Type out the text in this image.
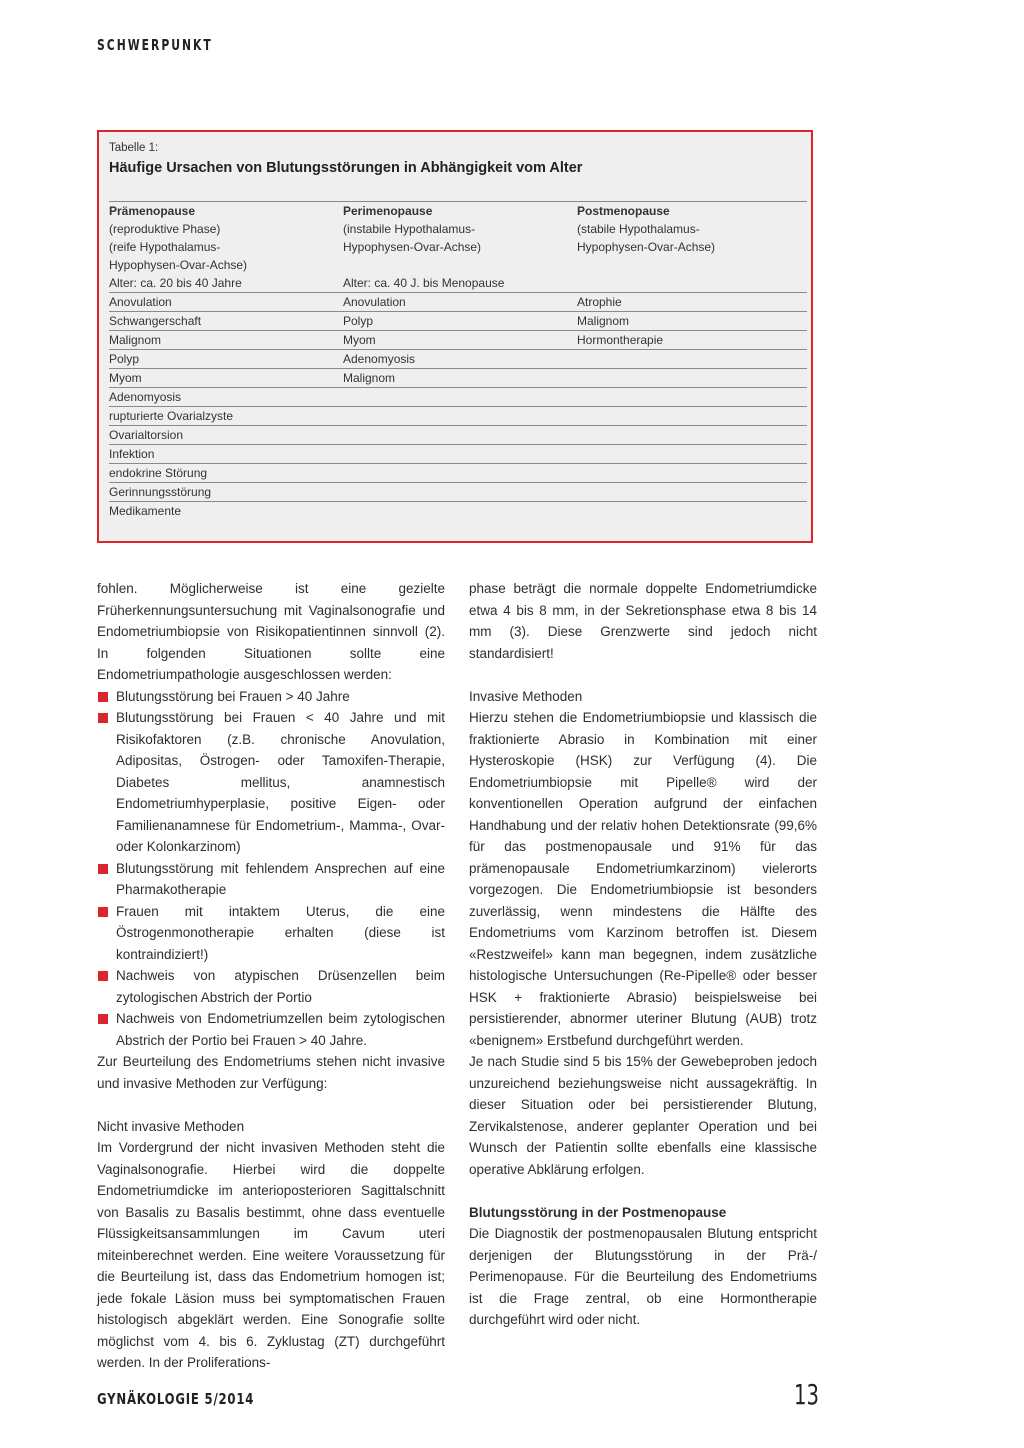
SCHWERPUNKT
Tabelle 1:
Häufige Ursachen von Blutungsstörungen in Abhängigkeit vom Alter
Prämenopause	Perimenopause	Postmenopause
(reproduktive Phase)	(instabile Hypothalamus-	(stabile Hypothalamus-
(reife Hypothalamus-	Hypophysen-Ovar-Achse)	Hypophysen-Ovar-Achse)
Hypophysen-Ovar-Achse)
Alter: ca. 20 bis 40 Jahre	Alter: ca. 40 J. bis Menopause
Anovulation	Anovulation	Atrophie
Schwangerschaft	Polyp	Malignom
Malignom	Myom	Hormontherapie
Polyp	Adenomyosis
Myom	Malignom
Adenomyosis
rupturierte Ovarialzyste
Ovarialtorsion
Infektion
endokrine Störung
Gerinnungsstörung
Medikamente

fohlen. Möglicherweise ist eine gezielte Früherkennungsuntersuchung mit Vaginalsonografie und Endometriumbiopsie von Risikopatientinnen sinnvoll (2). In folgenden Situationen sollte eine Endometriumpathologie ausgeschlossen werden:

Blutungsstörung bei Frauen > 40 Jahre
Blutungsstörung bei Frauen < 40 Jahre und mit Risikofaktoren (z.B. chronische Anovulation, Adipositas, Östrogen- oder Tamoxifen-Therapie, Diabetes mellitus, anamnestisch Endometriumhyperplasie, positive Eigen- oder Familienanamnese für Endometrium-, Mamma-, Ovar- oder Kolonkarzinom)
Blutungsstörung mit fehlendem Ansprechen auf eine Pharmakotherapie
Frauen mit intaktem Uterus, die eine Östrogenmonotherapie erhalten (diese ist kontraindiziert!)
Nachweis von atypischen Drüsenzellen beim zytologischen Abstrich der Portio
Nachweis von Endometriumzellen beim zytologischen Abstrich der Portio bei Frauen > 40 Jahre.

Zur Beurteilung des Endometriums stehen nicht invasive und invasive Methoden zur Verfügung:

Nicht invasive Methoden

Im Vordergrund der nicht invasiven Methoden steht die Vaginalsonografie. Hierbei wird die doppelte Endometriumdicke im anterioposterioren Sagittalschnitt von Basalis zu Basalis bestimmt, ohne dass eventuelle Flüssigkeitsansammlungen im Cavum uteri miteinberechnet werden. Eine weitere Voraussetzung für die Beurteilung ist, dass das Endometrium homogen ist; jede fokale Läsion muss bei symptomatischen Frauen histologisch abgeklärt werden. Eine Sonografie sollte möglichst vom 4. bis 6. Zyklustag (ZT) durchgeführt werden. In der Proliferations-

phase beträgt die normale doppelte Endometriumdicke etwa 4 bis 8 mm, in der Sekretionsphase etwa 8 bis 14 mm (3). Diese Grenzwerte sind jedoch nicht standardisiert!

Invasive Methoden

Hierzu stehen die Endometriumbiopsie und klassisch die fraktionierte Abrasio in Kombination mit einer Hysteroskopie (HSK) zur Verfügung (4). Die Endometriumbiopsie mit Pipelle® wird der konventionellen Operation aufgrund der einfachen Handhabung und der relativ hohen Detektionsrate (99,6% für das postmenopausale und 91% für das prämenopausale Endometriumkarzinom) vielerorts vorgezogen. Die Endometriumbiopsie ist besonders zuverlässig, wenn mindestens die Hälfte des Endometriums vom Karzinom betroffen ist. Diesem «Restzweifel» kann man begegnen, indem zusätzliche histologische Untersuchungen (Re-Pipelle® oder besser HSK + fraktionierte Abrasio) beispielsweise bei persistierender, abnormer uteriner Blutung (AUB) trotz «benignem» Erstbefund durchgeführt werden.

Je nach Studie sind 5 bis 15% der Gewebeproben jedoch unzureichend beziehungsweise nicht aussagekräftig. In dieser Situation oder bei persistierender Blutung, Zervikalstenose, anderer geplanter Operation und bei Wunsch der Patientin sollte ebenfalls eine klassische operative Abklärung erfolgen.

Blutungsstörung in der Postmenopause

Die Diagnostik der postmenopausalen Blutung entspricht derjenigen der Blutungsstörung in der Prä-/ Perimenopause. Für die Beurteilung des Endometriums ist die Frage zentral, ob eine Hormontherapie durchgeführt wird oder nicht.

GYNÄKOLOGIE 5/2014	13
